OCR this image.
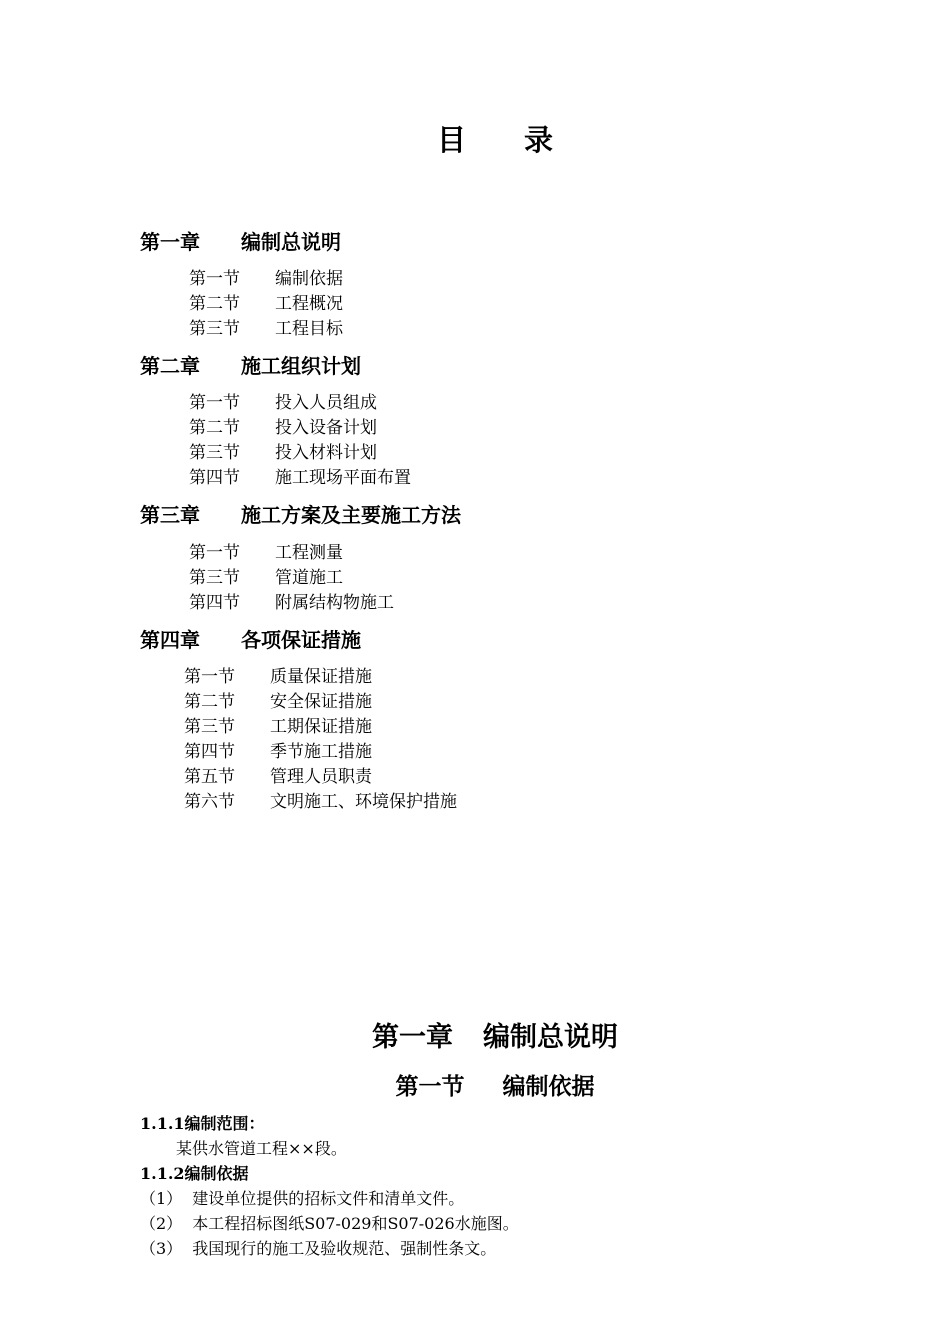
目 录
第一章 编制总说明
第一节 编制依据
第二节 工程概况
第三节 工程目标
第二章 施工组织计划
第一节 投入人员组成
第二节 投入设备计划
第三节 投入材料计划
第四节 施工现场平面布置
第三章 施工方案及主要施工方法
第一节 工程测量
第三节 管道施工
第四节 附属结构物施工
第四章 各项保证措施
第一节 质量保证措施
第二节 安全保证措施
第三节 工期保证措施
第四节 季节施工措施
第五节 管理人员职责
第六节 文明施工、环境保护措施
第一章 编制总说明
第一节 编制依据
1.1.1编制范围：
某供水管道工程××段。
1.1.2编制依据
（1） 建设单位提供的招标文件和清单文件。
（2） 本工程招标图纸S07-029和S07-026水施图。
（3） 我国现行的施工及验收规范、强制性条文。
